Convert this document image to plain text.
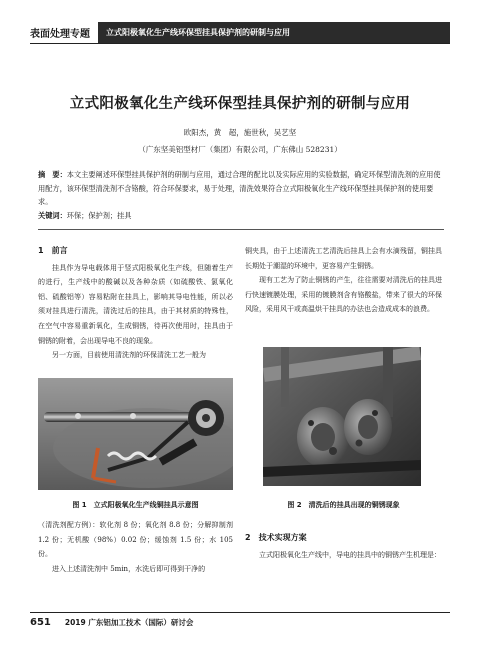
表面处理专题	立式阳极氧化生产线环保型挂具保护剂的研制与应用
立式阳极氧化生产线环保型挂具保护剂的研制与应用
欧阳杰，黄　超，施世秋，吴艺坚
（广东坚美铝型材厂（集团）有限公司，广东佛山 528231）
摘　要：本文主要阐述环保型挂具保护剂的研制与应用，通过合理的配比以及实际应用的实验数据，确定环保型清洗剂的应用使用配方，该环保型清洗剂不含铬酸，符合环保要求，易于处理，清洗效果符合立式阳极氧化生产线环保型挂具保护剂的使用要求。
关键词：环保；保护剂；挂具
1　前言
挂具作为导电载体用于竖式阳极氧化生产线，但随着生产的进行，生产线中的酸碱以及各种杂质（如硫酸铁、氯氧化铝、硫酸铝等）容易粘附在挂具上，影响其导电性能，所以必须对挂具进行清洗，清洗过后的挂具，由于其材质的特殊性，在空气中容易重新氧化，生成铜锈，待再次使用时，挂具由于铜锈的附着，会出现导电不良的现象。
另一方面，目前使用清洗剂的环保清洗工艺一般为
图 1　立式阳极氧化生产线铜挂具示意图
（清洗剂配方例）：软化剂 8 份；氧化剂 8.8 份；分解抑制剂 1.2 份；无机酸（98%）0.02 份；缓蚀剂 1.5 份；水 105 份。
进入上述清洗剂中 5min，水洗后即可得到干净的
铜夹具，由于上述清洗工艺清洗后挂具上会有水滴残留，铜挂具长期处于潮湿的环境中，更容易产生铜锈。
现有工艺为了防止铜锈的产生，往往需要对清洗后的挂具进行快速镀膜处理，采用的镀膜剂含有铬酸盐，带来了很大的环保风险，采用风干或高温烘干挂具的办法也会造成成本的浪费。
图 2　清洗后的挂具出现的铜锈现象
2　技术实现方案
立式阳极氧化生产线中，导电的挂具中的铜锈产生机理是：
651 2019 广东铝加工技术（国际）研讨会
